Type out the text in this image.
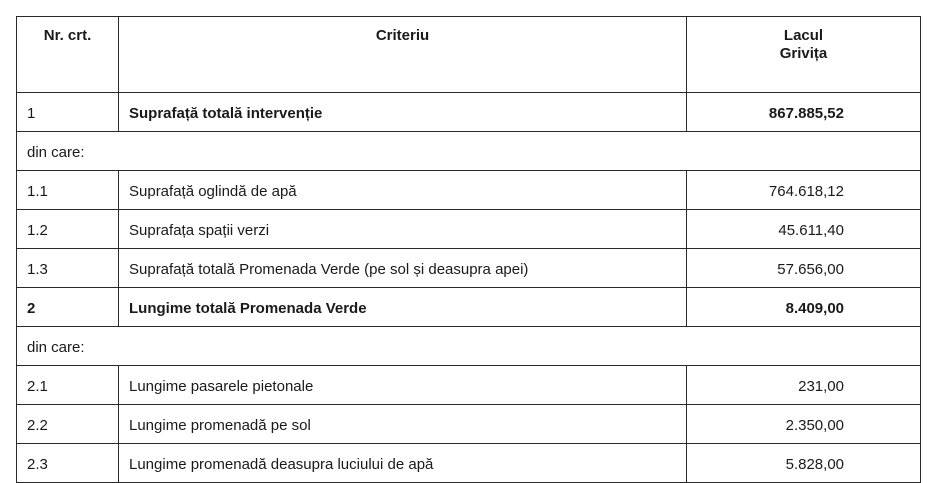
Nr. crt.	Criteriu	Lacul
Grivița

1	Suprafață totală intervenție	867.885,52
din care:		
1.1	Suprafață oglindă de apă	764.618,12
1.2	Suprafața spații verzi	45.611,40
1.3	Suprafață totală Promenada Verde (pe sol și deasupra apei)	57.656,00
2	Lungime totală Promenada Verde	8.409,00
din care:		
2.1	Lungime pasarele pietonale	231,00
2.2	Lungime promenadă pe sol	2.350,00
2.3	Lungime promenadă deasupra luciului de apă	5.828,00
